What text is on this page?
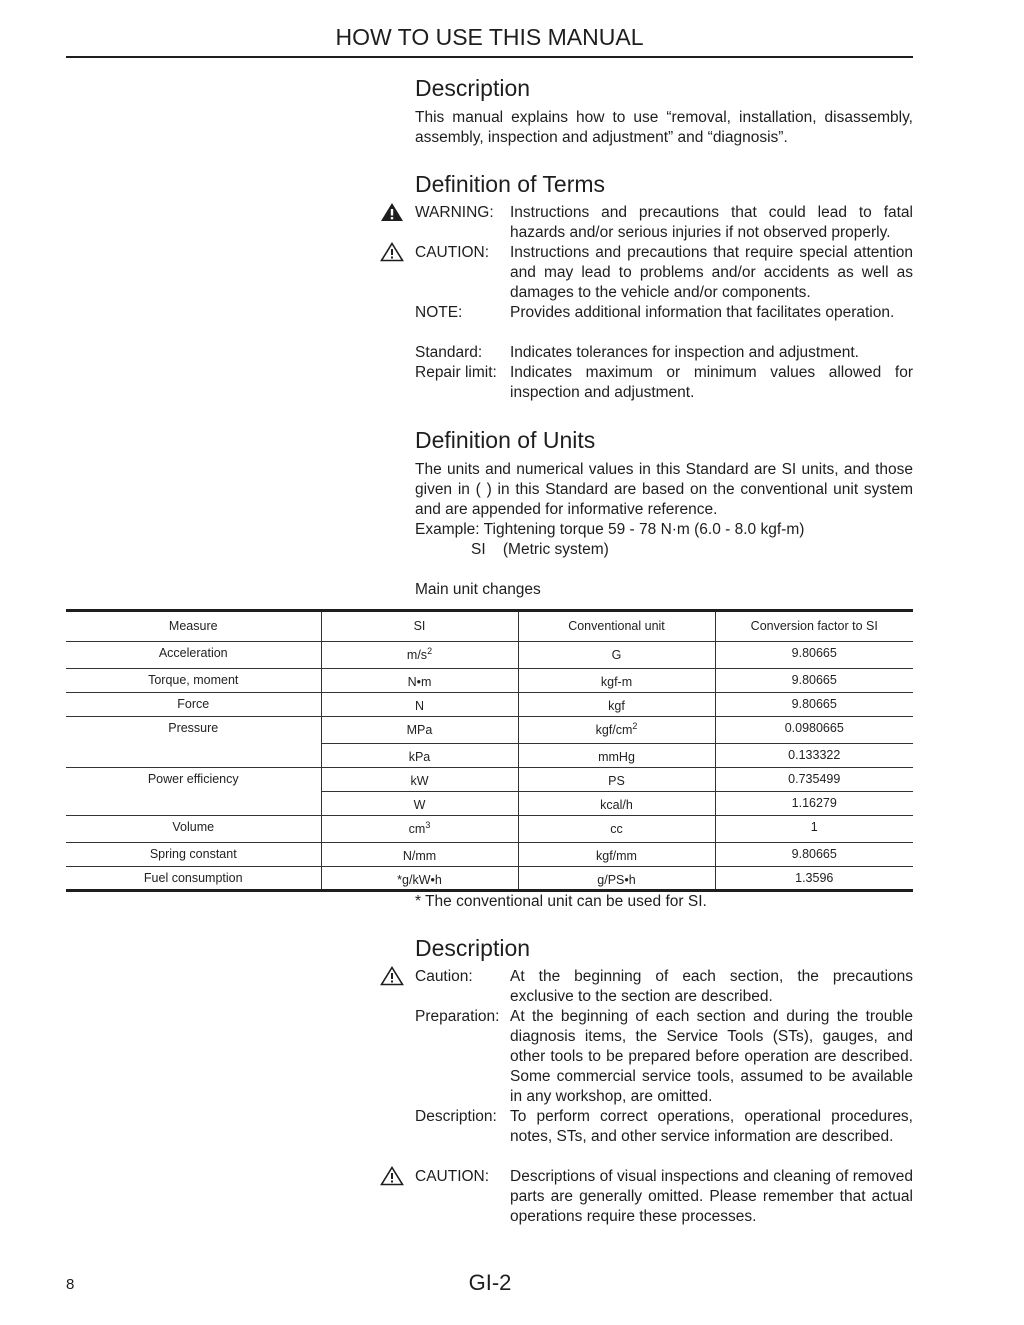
HOW TO USE THIS MANUAL
Description

This manual explains how to use “removal, installation, disassembly, assembly, inspection and adjustment” and “diagnosis”.

Definition of Terms
WARNING: Instructions and precautions that could lead to fatal hazards and/or serious injuries if not observed properly.
CAUTION: Instructions and precautions that require special attention and may lead to problems and/or accidents as well as damages to the vehicle and/or components.
NOTE:	Provides additional information that facilitates operation.
Standard: Indicates tolerances for inspection and adjustment.
Repair limit: Indicates maximum or minimum values allowed for inspection and adjustment.
Definition of Units

The units and numerical values in this Standard are SI units, and those given in ( ) in this Standard are based on the conventional unit system and are appended for informative reference.

Example: Tightening torque 59 - 78 N·m (6.0 - 8.0 kgf-m)

SI    (Metric system)

Main unit changes

Measure	SI	Conventional unit	Conversion factor to SI
Acceleration	$m/s^2$	G	9.80665
Torque, moment	N•m	kgf-m	9.80665
Force	N	kgf	9.80665
Pressure	MPa	kgf/$cm^2$	0.0980665
	kPa	mmHg	0.133322
Power efficiency	kW	PS	0.735499
	W	kcal/h	1.16279
Volume	$cm^3$	cc	1
Spring constant	N/mm	kgf/mm	9.80665
Fuel consumption	*g/kW•h	g/PS•h	1.3596

* The conventional unit can be used for SI.

Description
Caution: At the beginning of each section, the precautions exclusive to the section are described.
Preparation: At the beginning of each section and during the trouble diagnosis items, the Service Tools (STs), gauges, and other tools to be prepared before operation are described. Some commercial service tools, assumed to be available in any workshop, are omitted.
Description: To perform correct operations, operational procedures, notes, STs, and other service information are described.
CAUTION: Descriptions of visual inspections and cleaning of removed parts are generally omitted. Please remember that actual operations require these processes.
8	GI-2
